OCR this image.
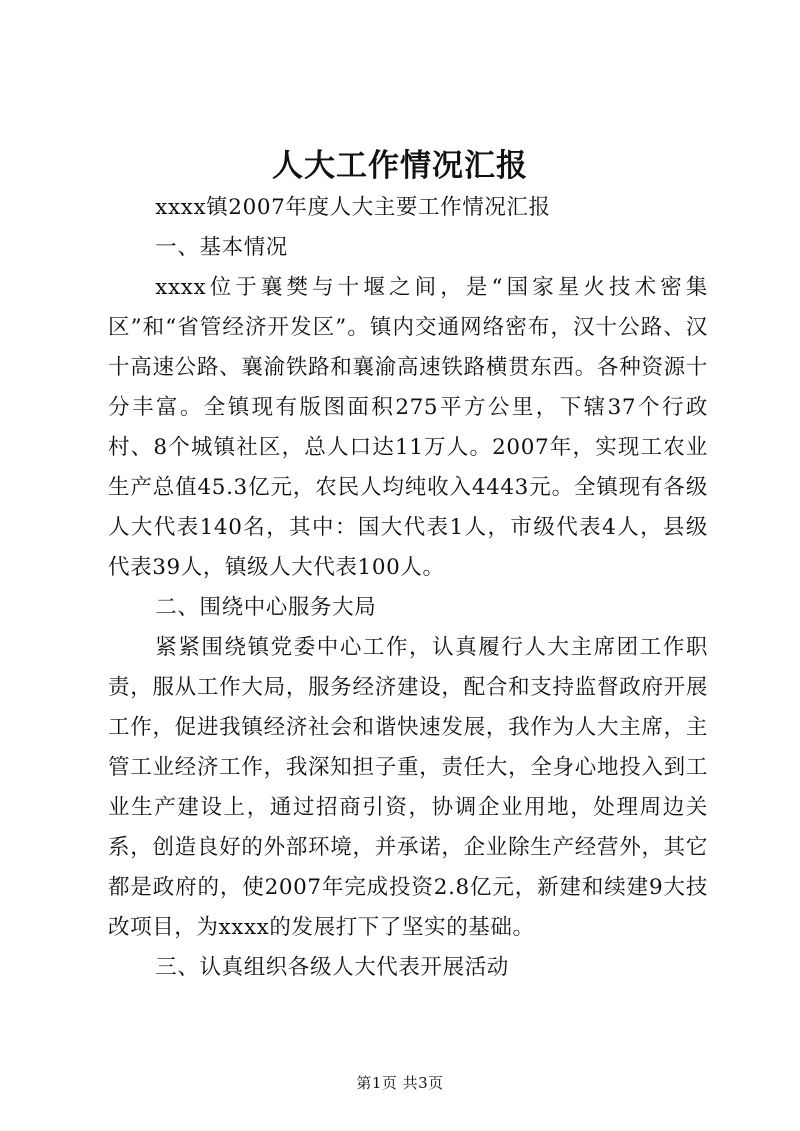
人大工作情况汇报

xxxx镇2007年度人大主要工作情况汇报

一、基本情况

xxxx位于襄樊与十堰之间，是“国家星火技术密集区”和“省管经济开发区”。镇内交通网络密布，汉十公路、汉十高速公路、襄渝铁路和襄渝高速铁路横贯东西。各种资源十分丰富。全镇现有版图面积275平方公里，下辖37个行政村、8个城镇社区，总人口达11万人。2007年，实现工农业生产总值45.3亿元，农民人均纯收入4443元。全镇现有各级人大代表140名，其中：国大代表1人，市级代表4人，县级代表39人，镇级人大代表100人。

二、围绕中心服务大局

紧紧围绕镇党委中心工作，认真履行人大主席团工作职责，服从工作大局，服务经济建设，配合和支持监督政府开展工作，促进我镇经济社会和谐快速发展，我作为人大主席，主管工业经济工作，我深知担子重，责任大，全身心地投入到工业生产建设上，通过招商引资，协调企业用地，处理周边关系，创造良好的外部环境，并承诺，企业除生产经营外，其它都是政府的，使2007年完成投资2.8亿元，新建和续建9大技改项目，为xxxx的发展打下了坚实的基础。

三、认真组织各级人大代表开展活动

第1页 共3页
